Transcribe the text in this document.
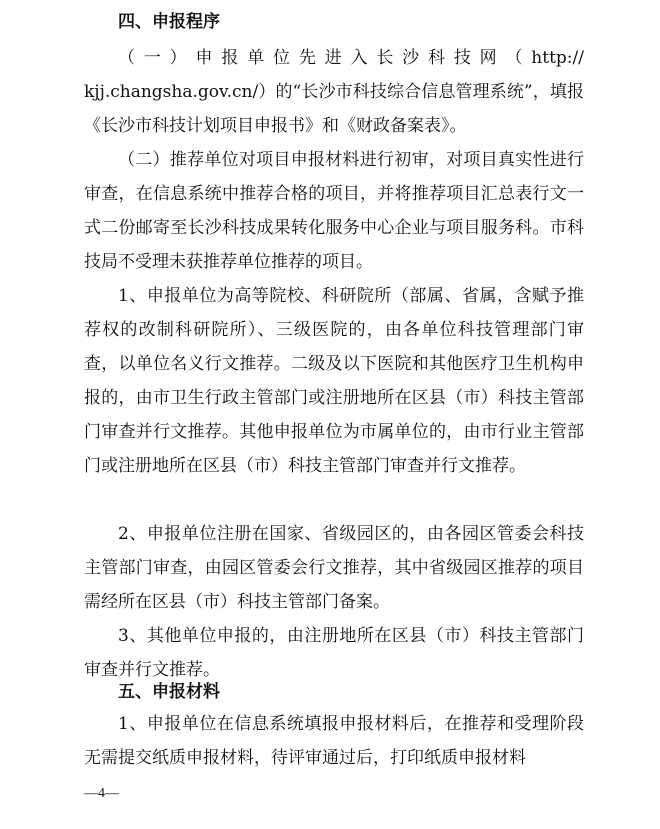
四、申报程序

（一）申报单位先进入长沙科技网（http:// kjj.changsha.gov.cn/）的“长沙市科技综合信息管理系统”，填报《长沙市科技计划项目申报书》和《财政备案表》。

（二）推荐单位对项目申报材料进行初审，对项目真实性进行审查，在信息系统中推荐合格的项目，并将推荐项目汇总表行文一式二份邮寄至长沙科技成果转化服务中心企业与项目服务科。市科技局不受理未获推荐单位推荐的项目。

1、申报单位为高等院校、科研院所（部属、省属，含赋予推荐权的改制科研院所）、三级医院的，由各单位科技管理部门审查，以单位名义行文推荐。二级及以下医院和其他医疗卫生机构申报的，由市卫生行政主管部门或注册地所在区县（市）科技主管部门审查并行文推荐。其他申报单位为市属单位的，由市行业主管部门或注册地所在区县（市）科技主管部门审查并行文推荐。

2、申报单位注册在国家、省级园区的，由各园区管委会科技主管部门审查，由园区管委会行文推荐，其中省级园区推荐的项目需经所在区县（市）科技主管部门备案。

3、其他单位申报的，由注册地所在区县（市）科技主管部门审查并行文推荐。

五、申报材料

1、申报单位在信息系统填报申报材料后，在推荐和受理阶段无需提交纸质申报材料，待评审通过后，打印纸质申报材料

—4—
